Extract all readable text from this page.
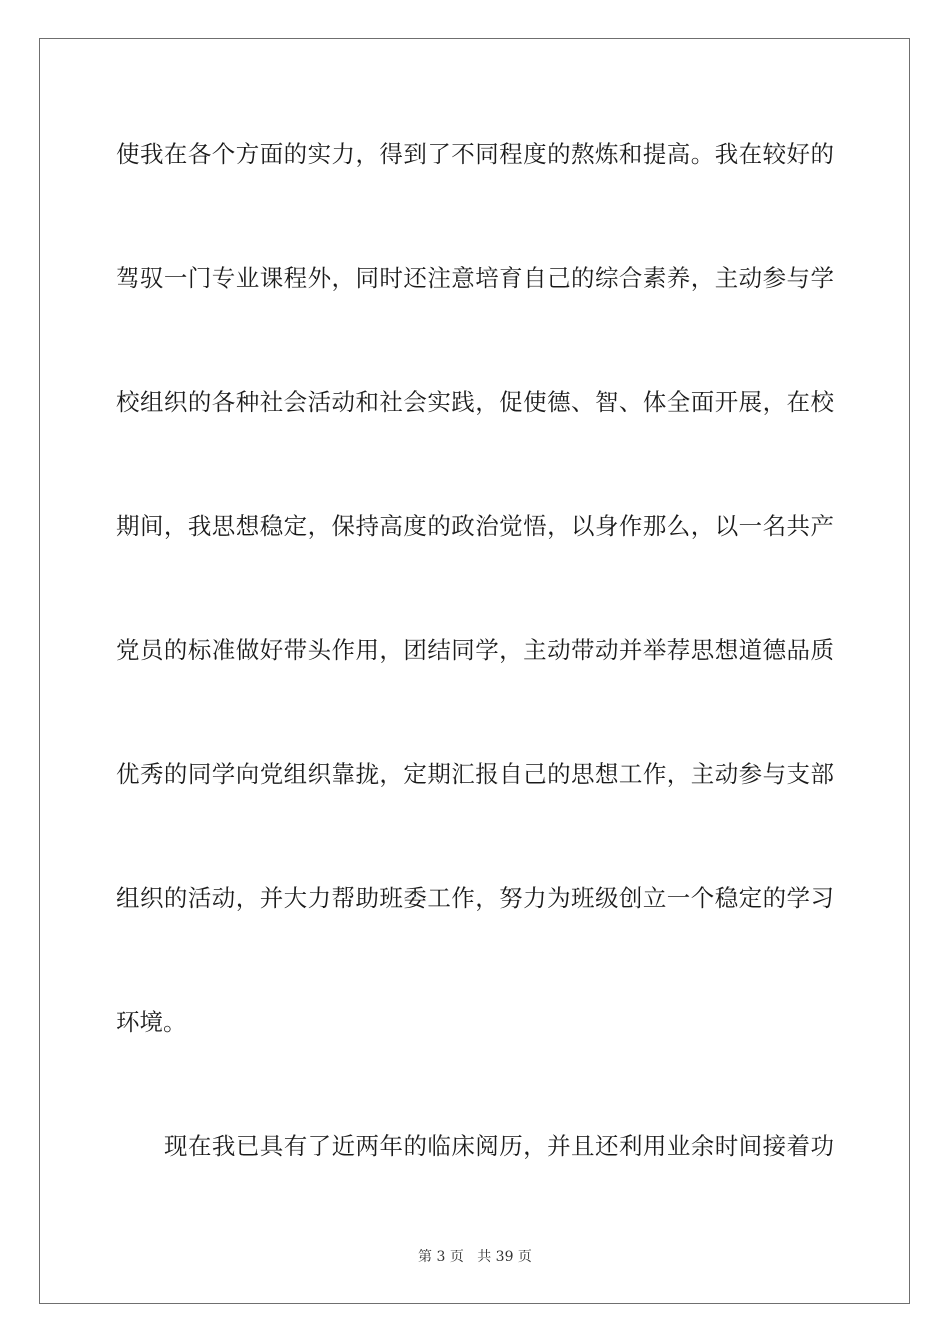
使我在各个方面的实力，得到了不同程度的熬炼和提高。我在较好的

驾驭一门专业课程外，同时还注意培育自己的综合素养，主动参与学

校组织的各种社会活动和社会实践，促使德、智、体全面开展，在校

期间，我思想稳定，保持高度的政治觉悟，以身作那么，以一名共产

党员的标准做好带头作用，团结同学，主动带动并举荐思想道德品质

优秀的同学向党组织靠拢，定期汇报自己的思想工作，主动参与支部

组织的活动，并大力帮助班委工作，努力为班级创立一个稳定的学习

环境。

现在我已具有了近两年的临床阅历，并且还利用业余时间接着功

第 3 页 共 39 页
